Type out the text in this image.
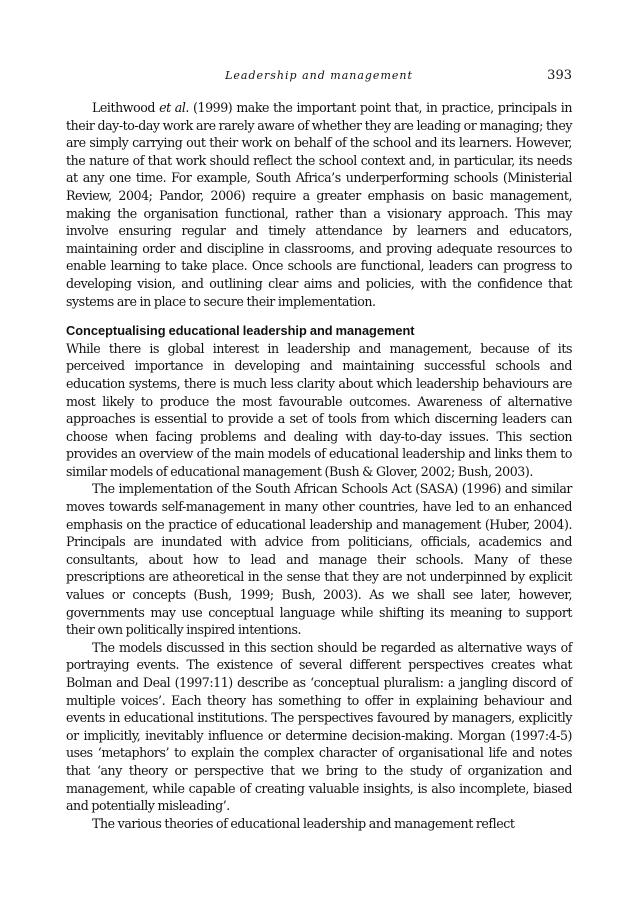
Leadership and management	393

Leithwood et al. (1999) make the important point that, in practice, principals in their day-to-day work are rarely aware of whether they are leading or managing; they are simply carrying out their work on behalf of the school and its learners. However, the nature of that work should reflect the school context and, in particular, its needs at any one time. For example, South Africa’s underperforming schools (Ministerial Review, 2004; Pandor, 2006) require a greater emphasis on basic management, making the organisation functional, rather than a visionary approach. This may involve ensuring regular and timely attendance by learners and educators, maintaining order and discipline in classrooms, and proving adequate resources to enable learning to take place. Once schools are functional, leaders can progress to developing vision, and outlining clear aims and policies, with the confidence that systems are in place to secure their implementation.

Conceptualising educational leadership and management

While there is global interest in leadership and management, because of its perceived importance in developing and maintaining successful schools and education systems, there is much less clarity about which leadership behaviours are most likely to produce the most favourable outcomes. Awareness of alternative approaches is essential to provide a set of tools from which discerning leaders can choose when facing problems and dealing with day-to-day issues. This section provides an overview of the main models of educational leadership and links them to similar models of educational management (Bush & Glover, 2002; Bush, 2003).

The implementation of the South African Schools Act (SASA) (1996) and similar moves towards self-management in many other countries, have led to an enhanced emphasis on the practice of educational leadership and management (Huber, 2004). Principals are inundated with advice from politicians, officials, academics and consultants, about how to lead and manage their schools. Many of these prescriptions are atheoretical in the sense that they are not underpinned by explicit values or concepts (Bush, 1999; Bush, 2003). As we shall see later, however, governments may use conceptual language while shifting its meaning to support their own politically inspired intentions.

The models discussed in this section should be regarded as alternative ways of portraying events. The existence of several different perspectives creates what Bolman and Deal (1997:11) describe as ‘conceptual pluralism: a jangling discord of multiple voices’. Each theory has something to offer in explaining behaviour and events in educational institutions. The perspectives favoured by managers, explicitly or implicitly, inevitably influence or determine decision-making. Morgan (1997:4-5) uses ‘metaphors’ to explain the complex character of organisational life and notes that ‘any theory or perspective that we bring to the study of organization and management, while capable of creating valuable insights, is also incomplete, biased and potentially misleading’.

The various theories of educational leadership and management reflect
